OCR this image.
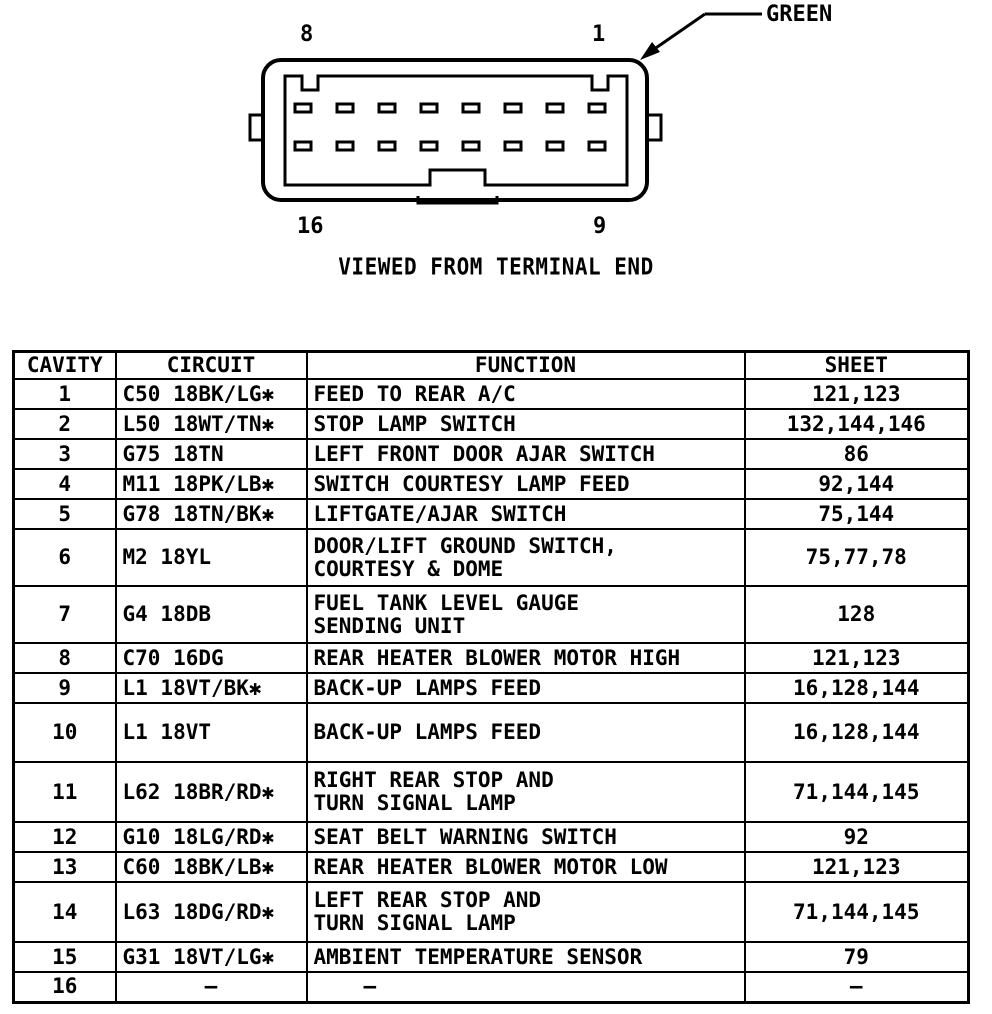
8	1
16	9
GREEN
VIEWED FROM TERMINAL END
CAVITY	CIRCUIT	FUNCTION	SHEET
1	C50 18BK/LG✱	FEED TO REAR A/C	121,123
2	L50 18WT/TN✱	STOP LAMP SWITCH	132,144,146
3	G75 18TN	LEFT FRONT DOOR AJAR SWITCH	86
4	M11 18PK/LB✱	SWITCH COURTESY LAMP FEED	92,144
5	G78 18TN/BK✱	LIFTGATE/AJAR SWITCH	75,144
6	M2 18YL	DOOR/LIFT GROUND SWITCH,
COURTESY & DOME	75,77,78
7	G4 18DB	FUEL TANK LEVEL GAUGE
SENDING UNIT	128
8	C70 16DG	REAR HEATER BLOWER MOTOR HIGH	121,123
9	L1 18VT/BK✱	BACK-UP LAMPS FEED	16,128,144
10	L1 18VT	BACK-UP LAMPS FEED	16,128,144
11	L62 18BR/RD✱	RIGHT REAR STOP AND
TURN SIGNAL LAMP	71,144,145
12	G10 18LG/RD✱	SEAT BELT WARNING SWITCH	92
13	C60 18BK/LB✱	REAR HEATER BLOWER MOTOR LOW	121,123
14	L63 18DG/RD✱	LEFT REAR STOP AND
TURN SIGNAL LAMP	71,144,145
15	G31 18VT/LG✱	AMBIENT TEMPERATURE SENSOR	79
16	—	—	—
